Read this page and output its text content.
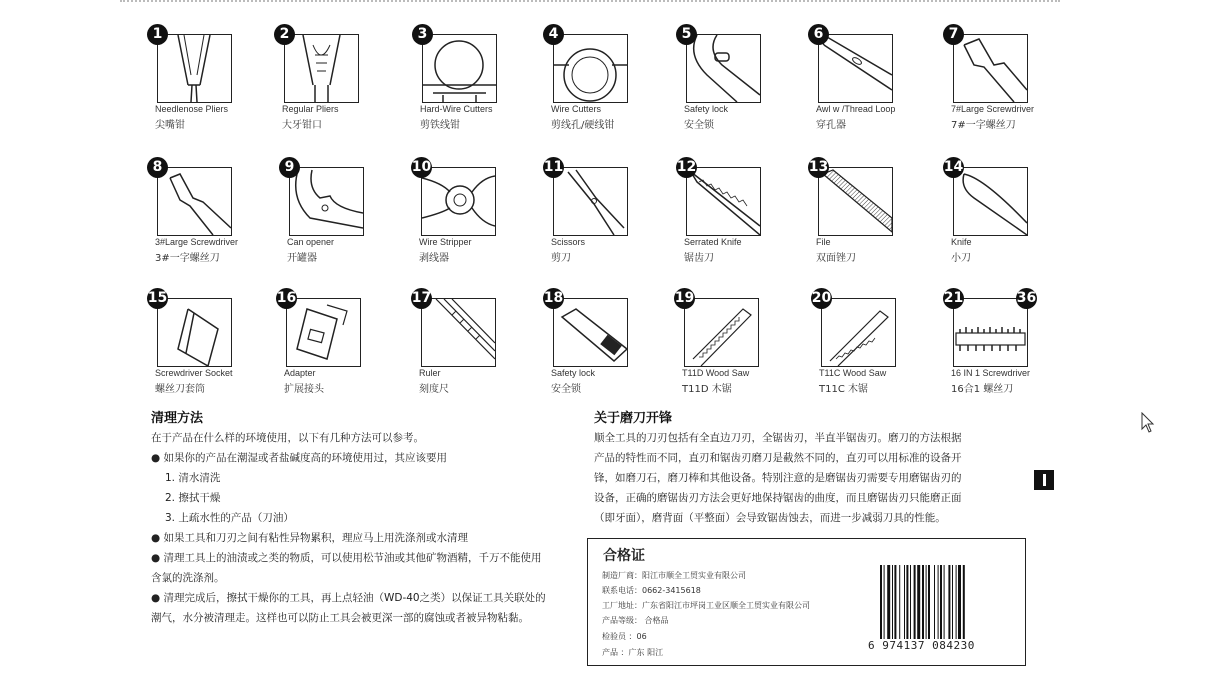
1
Needlenose Pliers
尖嘴钳
2
Regular Pliers
大牙钳口
3
Hard-Wire Cutters
剪铁线钳
4
Wire Cutters
剪线孔/硬线钳
5
Safety lock
安全锁
6
Awl w /Thread Loop
穿孔器
7
7#Large Screwdriver
7#一字螺丝刀
8
3#Large Screwdriver
3#一字螺丝刀
9
Can opener
开罐器
10
Wire Stripper
剥线器
11
Scissors
剪刀
12
Serrated Knife
锯齿刀
13
File
双面锉刀
14
Knife
小刀
15
Screwdriver Socket
螺丝刀套筒
16
Adapter
扩展接头
17
Ruler
刻度尺
18
Safety lock
安全锁
19
T11D Wood Saw
T11D 木锯
20
T11C Wood Saw
T11C 木锯
21	36
16 IN 1 Screwdriver
16合1 螺丝刀
清理方法

在于产品在什么样的环境使用，以下有几种方法可以参考。

● 如果你的产品在潮湿或者盐碱度高的环境使用过，其应该要用

1. 清水清洗

2. 擦拭干燥

3. 上疏水性的产品（刀油）

● 如果工具和刀刃之间有粘性异物累积，理应马上用洗涤剂或水清理

● 清理工具上的油渍或之类的物质，可以使用松节油或其他矿物酒精，千万不能使用

含氯的洗涤剂。

● 清理完成后，擦拭干燥你的工具，再上点轻油（WD-40之类）以保证工具关联处的

潮气，水分被清理走。这样也可以防止工具会被更深一部的腐蚀或者被异物粘黏。

关于磨刀开锋

顺全工具的刀刃包括有全直边刀刃，全锯齿刃，半直半锯齿刃。磨刀的方法根据

产品的特性而不同，直刃和锯齿刃磨刀是截然不同的，直刃可以用标准的设备开

锋，如磨刀石，磨刀棒和其他设备。特别注意的是磨锯齿刃需要专用磨锯齿刃的

设备，正确的磨锯齿刃方法会更好地保持锯齿的曲度，而且磨锯齿刃只能磨正面

（即牙面），磨背面（平整面）会导致锯齿蚀去，而进一步减弱刀具的性能。

合格证
制造厂商：阳江市顺全工贸实业有限公司
联系电话：0662-3415618
工厂地址：广东省阳江市坪岗工业区顺全工贸实业有限公司
产品等级： 合格品
检验员 ：06
产品 ：广东 阳江
6 974137 084230
